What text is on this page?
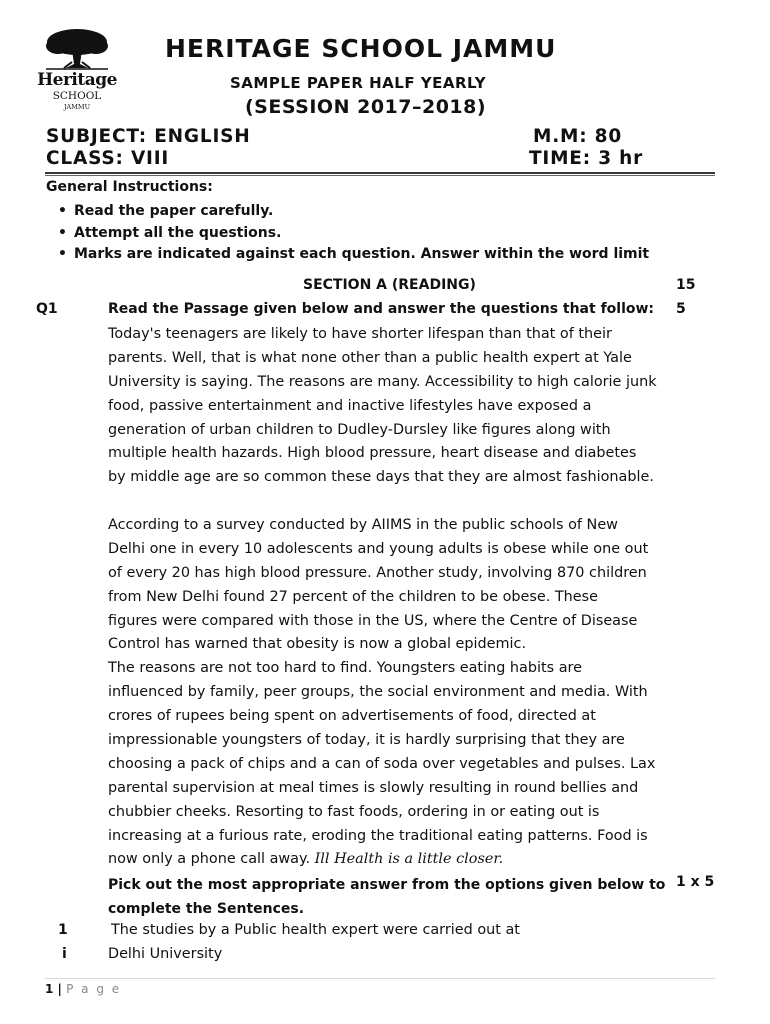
Heritage
SCHOOL
JAMMU
HERITAGE SCHOOL JAMMU
SAMPLE PAPER HALF YEARLY
(SESSION 2017–2018)
SUBJECT: ENGLISH	M.M: 80
CLASS: VIII	TIME: 3 hr
General Instructions:
• Read the paper carefully.
• Attempt all the questions.
• Marks are indicated against each question. Answer within the word limit
SECTION A (READING)	15
Q1	Read the Passage given below and answer the questions that follow: 5
Today's teenagers are likely to have shorter lifespan than that of their
parents. Well, that is what none other than a public health expert at Yale
University is saying. The reasons are many. Accessibility to high calorie junk
food, passive entertainment and inactive lifestyles have exposed a
generation of urban children to Dudley-Dursley like figures along with
multiple health hazards. High blood pressure, heart disease and diabetes
by middle age are so common these days that they are almost fashionable.
According to a survey conducted by AIIMS in the public schools of New
Delhi one in every 10 adolescents and young adults is obese while one out
of every 20 has high blood pressure. Another study, involving 870 children
from New Delhi found 27 percent of the children to be obese. These
figures were compared with those in the US, where the Centre of Disease
Control has warned that obesity is now a global epidemic.
The reasons are not too hard to find. Youngsters eating habits are
influenced by family, peer groups, the social environment and media. With
crores of rupees being spent on advertisements of food, directed at
impressionable youngsters of today, it is hardly surprising that they are
choosing a pack of chips and a can of soda over vegetables and pulses. Lax
parental supervision at meal times is slowly resulting in round bellies and
chubbier cheeks. Resorting to fast foods, ordering in or eating out is
increasing at a furious rate, eroding the traditional eating patterns. Food is
now only a phone call away. Ill Health is a little closer.
Pick out the most appropriate answer from the options given below to
complete the Sentences.
1 x 5
1	The studies by a Public health expert were carried out at
i	Delhi University
1 | P a g e
